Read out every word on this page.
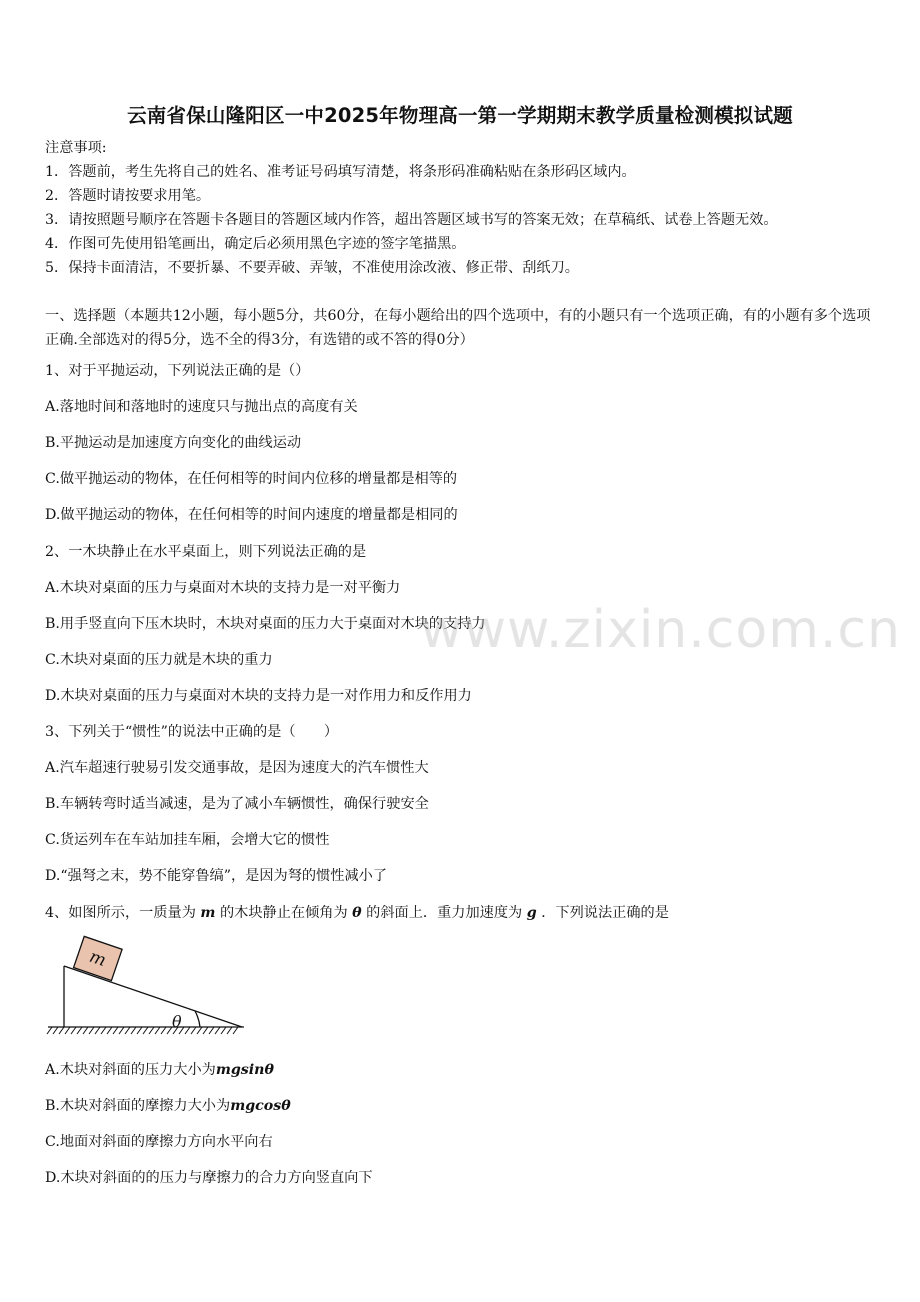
云南省保山隆阳区一中2025年物理高一第一学期期末教学质量检测模拟试题
注意事项:
1．答题前，考生先将自己的姓名、准考证号码填写清楚，将条形码准确粘贴在条形码区域内。
2．答题时请按要求用笔。
3．请按照题号顺序在答题卡各题目的答题区域内作答，超出答题区域书写的答案无效；在草稿纸、试卷上答题无效。
4．作图可先使用铅笔画出，确定后必须用黑色字迹的签字笔描黑。
5．保持卡面清洁，不要折暴、不要弄破、弄皱，不准使用涂改液、修正带、刮纸刀。
一、选择题（本题共12小题，每小题5分，共60分，在每小题给出的四个选项中，有的小题只有一个选项正确，有的小题有多个选项正确.全部选对的得5分，选不全的得3分，有选错的或不答的得0分）
1、对于平抛运动，下列说法正确的是（）
A.落地时间和落地时的速度只与抛出点的高度有关
B.平抛运动是加速度方向变化的曲线运动
C.做平抛运动的物体，在任何相等的时间内位移的增量都是相等的
D.做平抛运动的物体，在任何相等的时间内速度的增量都是相同的
2、一木块静止在水平桌面上，则下列说法正确的是
A.木块对桌面的压力与桌面对木块的支持力是一对平衡力
B.用手竖直向下压木块时，木块对桌面的压力大于桌面对木块的支持力
C.木块对桌面的压力就是木块的重力
D.木块对桌面的压力与桌面对木块的支持力是一对作用力和反作用力
3、下列关于“惯性”的说法中正确的是（　　）
A.汽车超速行驶易引发交通事故，是因为速度大的汽车惯性大
B.车辆转弯时适当减速，是为了减小车辆惯性，确保行驶安全
C.货运列车在车站加挂车厢，会增大它的惯性
D.“强弩之末，势不能穿鲁缟”，是因为弩的惯性减小了
4、如图所示，一质量为 m 的木块静止在倾角为 θ 的斜面上．重力加速度为 g ．下列说法正确的是
m
θ
A.木块对斜面的压力大小为mgsinθ
B.木块对斜面的摩擦力大小为mgcosθ
C.地面对斜面的摩擦力方向水平向右
D.木块对斜面的的压力与摩擦力的合力方向竖直向下
www.zixin.com.cn
